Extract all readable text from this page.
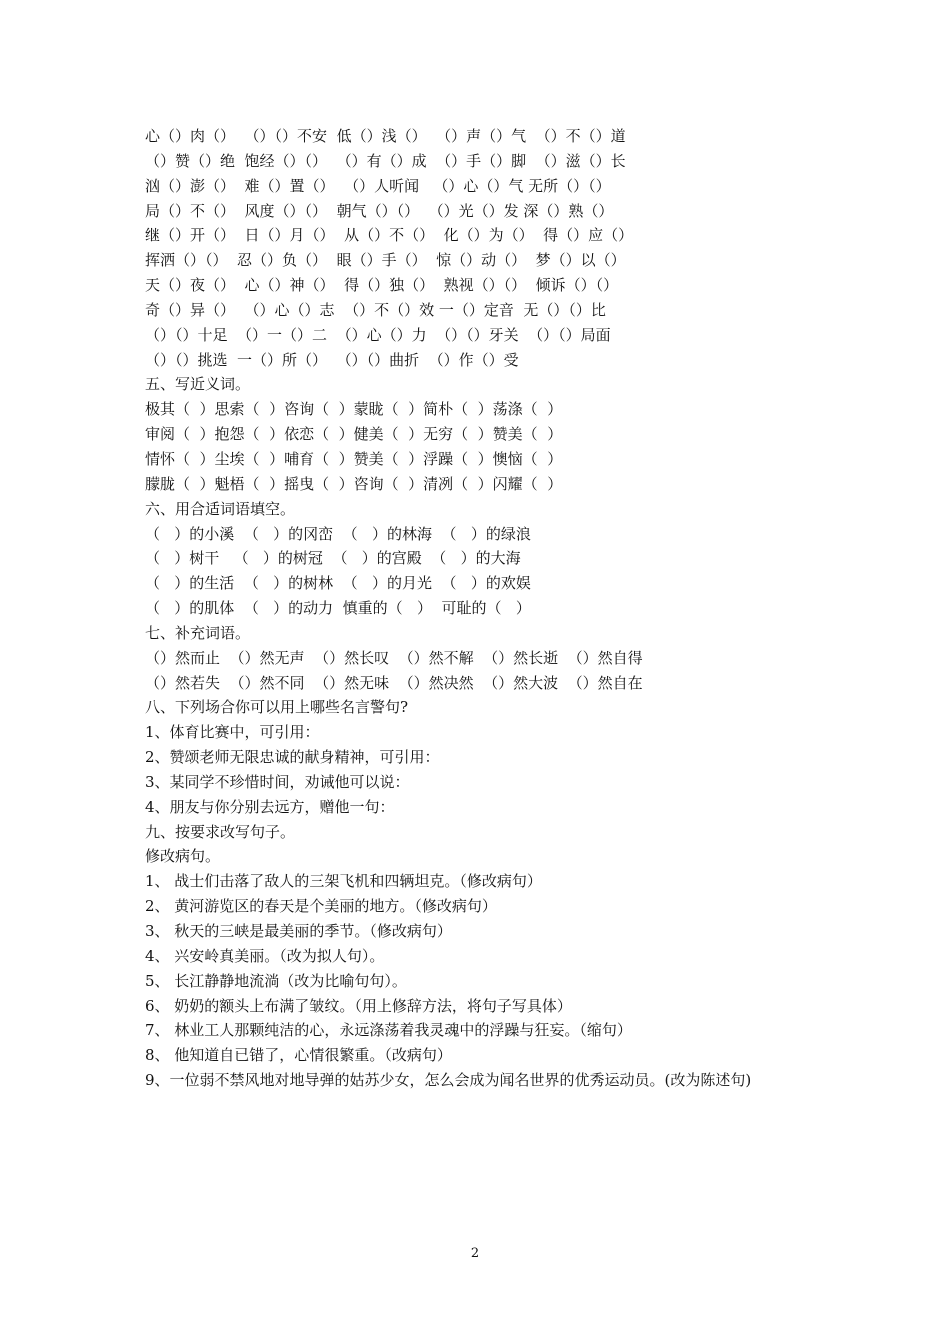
心（）肉（）  （）（）不安  低（）浅（）  （）声（）气  （）不（）道
（）赞（）绝  饱经（）（）  （）有（）成  （）手（）脚  （）滋（）长
汹（）澎（）  难（）置（）  （）人听闻   （）心（）气 无所（）（）
局（）不（）  风度（）（）  朝气（）（）  （）光（）发 深（）熟（）
继（）开（）  日（）月（）  从（）不（）  化（）为（）  得（）应（）
挥洒（）（）  忍（）负（）  眼（）手（）  惊（）动（）  梦（）以（）
天（）夜（）  心（）神（）  得（）独（）  熟视（）（）  倾诉（）（）
奇（）异（）  （）心（）志  （）不（）效 一（）定音  无（）（）比
（）（）十足  （）一（）二  （）心（）力  （）（）牙关  （）（）局面
（）（）挑选  一（）所（）  （）（）曲折  （）作（）受
五、写近义词。
极其（  ）思索（  ）咨询（  ）蒙眬（  ）简朴（  ）荡涤（  ）
审阅（  ）抱怨（  ）依恋（  ）健美（  ）无穷（  ）赞美（  ）
情怀（  ）尘埃（  ）哺育（  ）赞美（  ）浮躁（  ）懊恼（  ）
朦胧（  ）魁梧（  ）摇曳（  ）咨询（  ）清冽（  ）闪耀（  ）
六、用合适词语填空。
（   ）的小溪  （   ）的冈峦  （   ）的林海  （   ）的绿浪
（   ）树干   （   ）的树冠  （   ）的宫殿  （   ）的大海
（   ）的生活  （   ）的树林  （   ）的月光  （   ）的欢娱
（   ）的肌体  （   ）的动力  慎重的（   ）  可耻的（   ）
七、补充词语。
（）然而止  （）然无声  （）然长叹  （）然不解  （）然长逝  （）然自得
（）然若失  （）然不同  （）然无味  （）然决然  （）然大波  （）然自在
八、下列场合你可以用上哪些名言警句?
1、体育比赛中，可引用：
2、赞颂老师无限忠诚的献身精神，可引用：
3、某同学不珍惜时间，劝诫他可以说：
4、朋友与你分别去远方，赠他一句：
九、按要求改写句子。
修改病句。
1、 战士们击落了敌人的三架飞机和四辆坦克。（修改病句）
2、 黄河游览区的春天是个美丽的地方。（修改病句）
3、 秋天的三峡是最美丽的季节。（修改病句）
4、 兴安岭真美丽。（改为拟人句）。
5、 长江静静地流淌（改为比喻句句）。
6、 奶奶的额头上布满了皱纹。（用上修辞方法，将句子写具体）
7、 林业工人那颗纯洁的心，永远涤荡着我灵魂中的浮躁与狂妄。（缩句）
8、 他知道自已错了，心情很繁重。（改病句）
9、一位弱不禁风地对地导弹的姑苏少女，怎么会成为闻名世界的优秀运动员。(改为陈述句)
2
